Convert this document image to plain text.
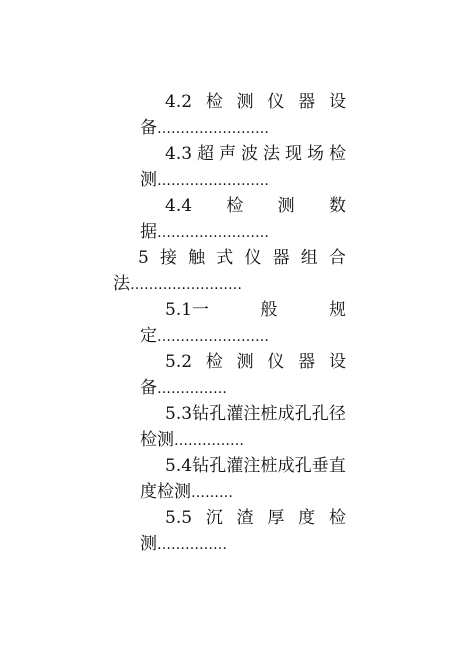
4.2 检 测 仪 器 设
备……………………
4.3 超 声 波 法 现 场 检
测……………………
4.4 检 测 数
据……………………
5 接 触 式 仪 器 组 合
法……………………
5.1一	般	规
定……………………
5.2 检 测 仪 器 设
备……………
5.3 钻 孔 灌 注 桩 成 孔 孔 径
检测……………
5.4 钻 孔 灌 注 桩 成 孔 垂 直
度检测………
5.5 沉 渣 厚 度 检
测……………
